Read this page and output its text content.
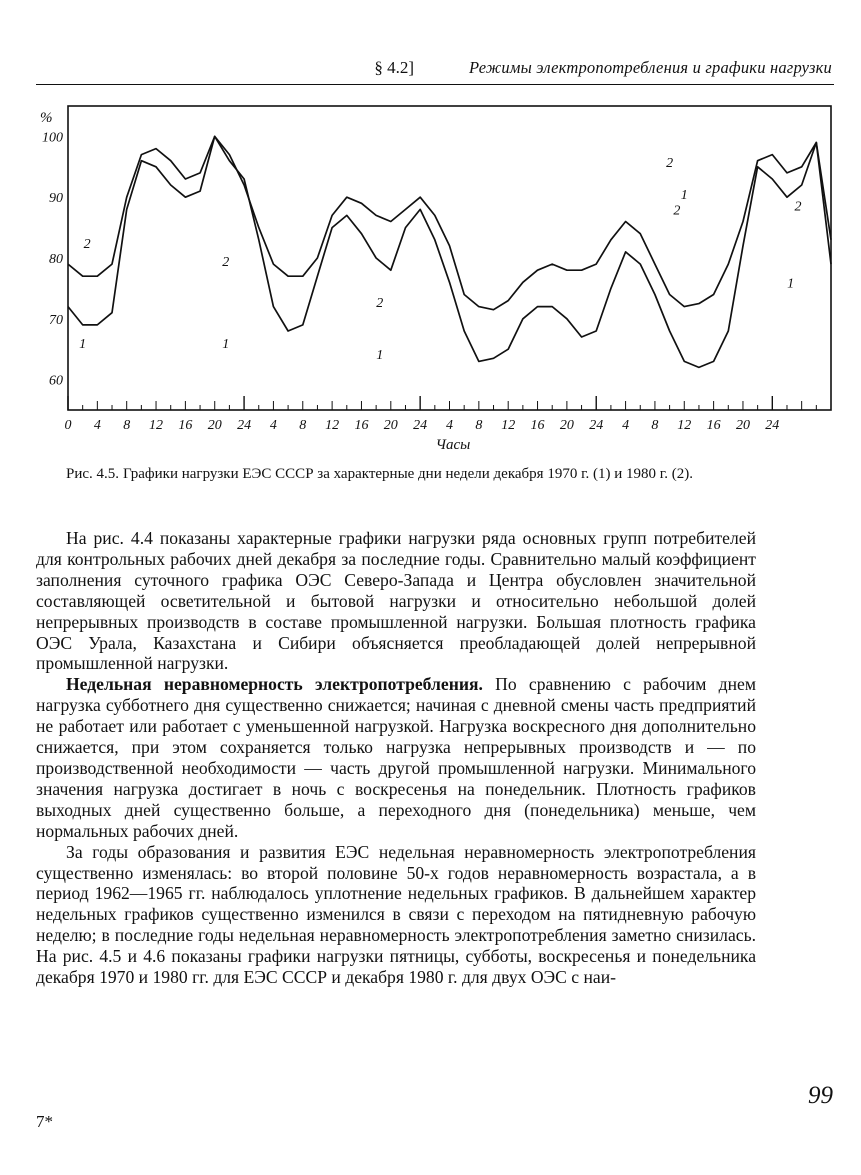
§ 4.2]	Режимы электропотребления и графики нагрузки
60
70
80
90
100
0 4 8 12 16 20 24 4 8 12 16 20 24 4 8 12 16 20 24 4 8 12 16 20 24
2
1
2
1
2
1
2
1
2	2
1
%
Часы
Рис. 4.5. Графики нагрузки ЕЭС СССР за характерные дни недели декабря 1970 г. (1) и 1980 г. (2).

На рис. 4.4 показаны характерные графики нагрузки ряда основных групп потребителей для контрольных рабочих дней декабря за последние годы. Сравнительно малый коэффициент заполнения суточного графика ОЭС Северо-Запада и Центра обусловлен значительной составляющей осветительной и бытовой нагрузки и относительно небольшой долей непрерывных производств в составе промышленной нагрузки. Большая плотность графика ОЭС Урала, Казахстана и Сибири объясняется преобладающей долей непрерывной промышленной нагрузки.

Недельная неравномерность электропотребления. По сравнению с рабочим днем нагрузка субботнего дня существенно снижается; начиная с дневной смены часть предприятий не работает или работает с уменьшенной нагрузкой. Нагрузка воскресного дня дополнительно снижается, при этом сохраняется только нагрузка непрерывных производств и — по производственной необходимости — часть другой промышленной нагрузки. Минимального значения нагрузка достигает в ночь с воскресенья на понедельник. Плотность графиков выходных дней существенно больше, а переходного дня (понедельника) меньше, чем нормальных рабочих дней.

За годы образования и развития ЕЭС недельная неравномерность электропотребления существенно изменялась: во второй половине 50-х годов неравномерность возрастала, а в период 1962—1965 гг. наблюдалось уплотнение недельных графиков. В дальнейшем характер недельных графиков существенно изменился в связи с переходом на пятидневную рабочую неделю; в последние годы недельная неравномерность электропотребления заметно снизилась. На рис. 4.5 и 4.6 показаны графики нагрузки пятницы, субботы, воскресенья и понедельника декабря 1970 и 1980 гг. для ЕЭС СССР и декабря 1980 г. для двух ОЭС с наи-

99
7*
